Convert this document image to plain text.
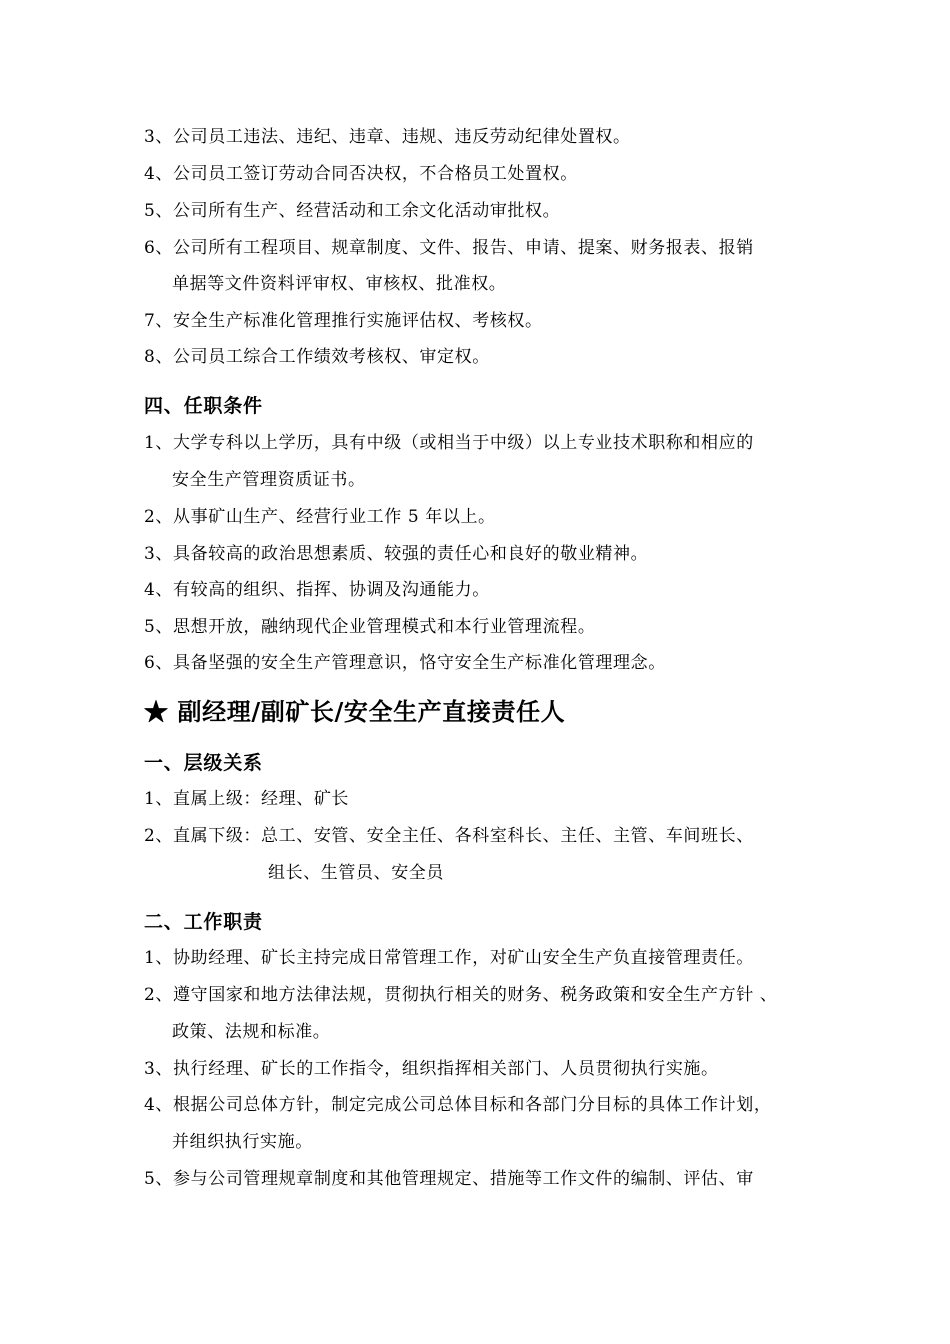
3、公司员工违法、违纪、违章、违规、违反劳动纪律处置权。
4、公司员工签订劳动合同否决权，不合格员工处置权。
5、公司所有生产、经营活动和工余文化活动审批权。
6、公司所有工程项目、规章制度、文件、报告、申请、提案、财务报表、报销
单据等文件资料评审权、审核权、批准权。
7、安全生产标准化管理推行实施评估权、考核权。
8、公司员工综合工作绩效考核权、审定权。
四、任职条件
1、大学专科以上学历，具有中级（或相当于中级）以上专业技术职称和相应的
安全生产管理资质证书。
2、从事矿山生产、经营行业工作 5 年以上。
3、具备较高的政治思想素质、较强的责任心和良好的敬业精神。
4、有较高的组织、指挥、协调及沟通能力。
5、思想开放，融纳现代企业管理模式和本行业管理流程。
6、具备坚强的安全生产管理意识，恪守安全生产标准化管理理念。
★ 副经理/副矿长/安全生产直接责任人
一、层级关系
1、直属上级：经理、矿长
2、直属下级：总工、安管、安全主任、各科室科长、主任、主管、车间班长、
组长、生管员、安全员
二、工作职责
1、协助经理、矿长主持完成日常管理工作，对矿山安全生产负直接管理责任。
2、遵守国家和地方法律法规，贯彻执行相关的财务、税务政策和安全生产方针 、
政策、法规和标准。
3、执行经理、矿长的工作指令，组织指挥相关部门、人员贯彻执行实施。
4、根据公司总体方针，制定完成公司总体目标和各部门分目标的具体工作计划，
并组织执行实施。
5、参与公司管理规章制度和其他管理规定、措施等工作文件的编制、评估、审
